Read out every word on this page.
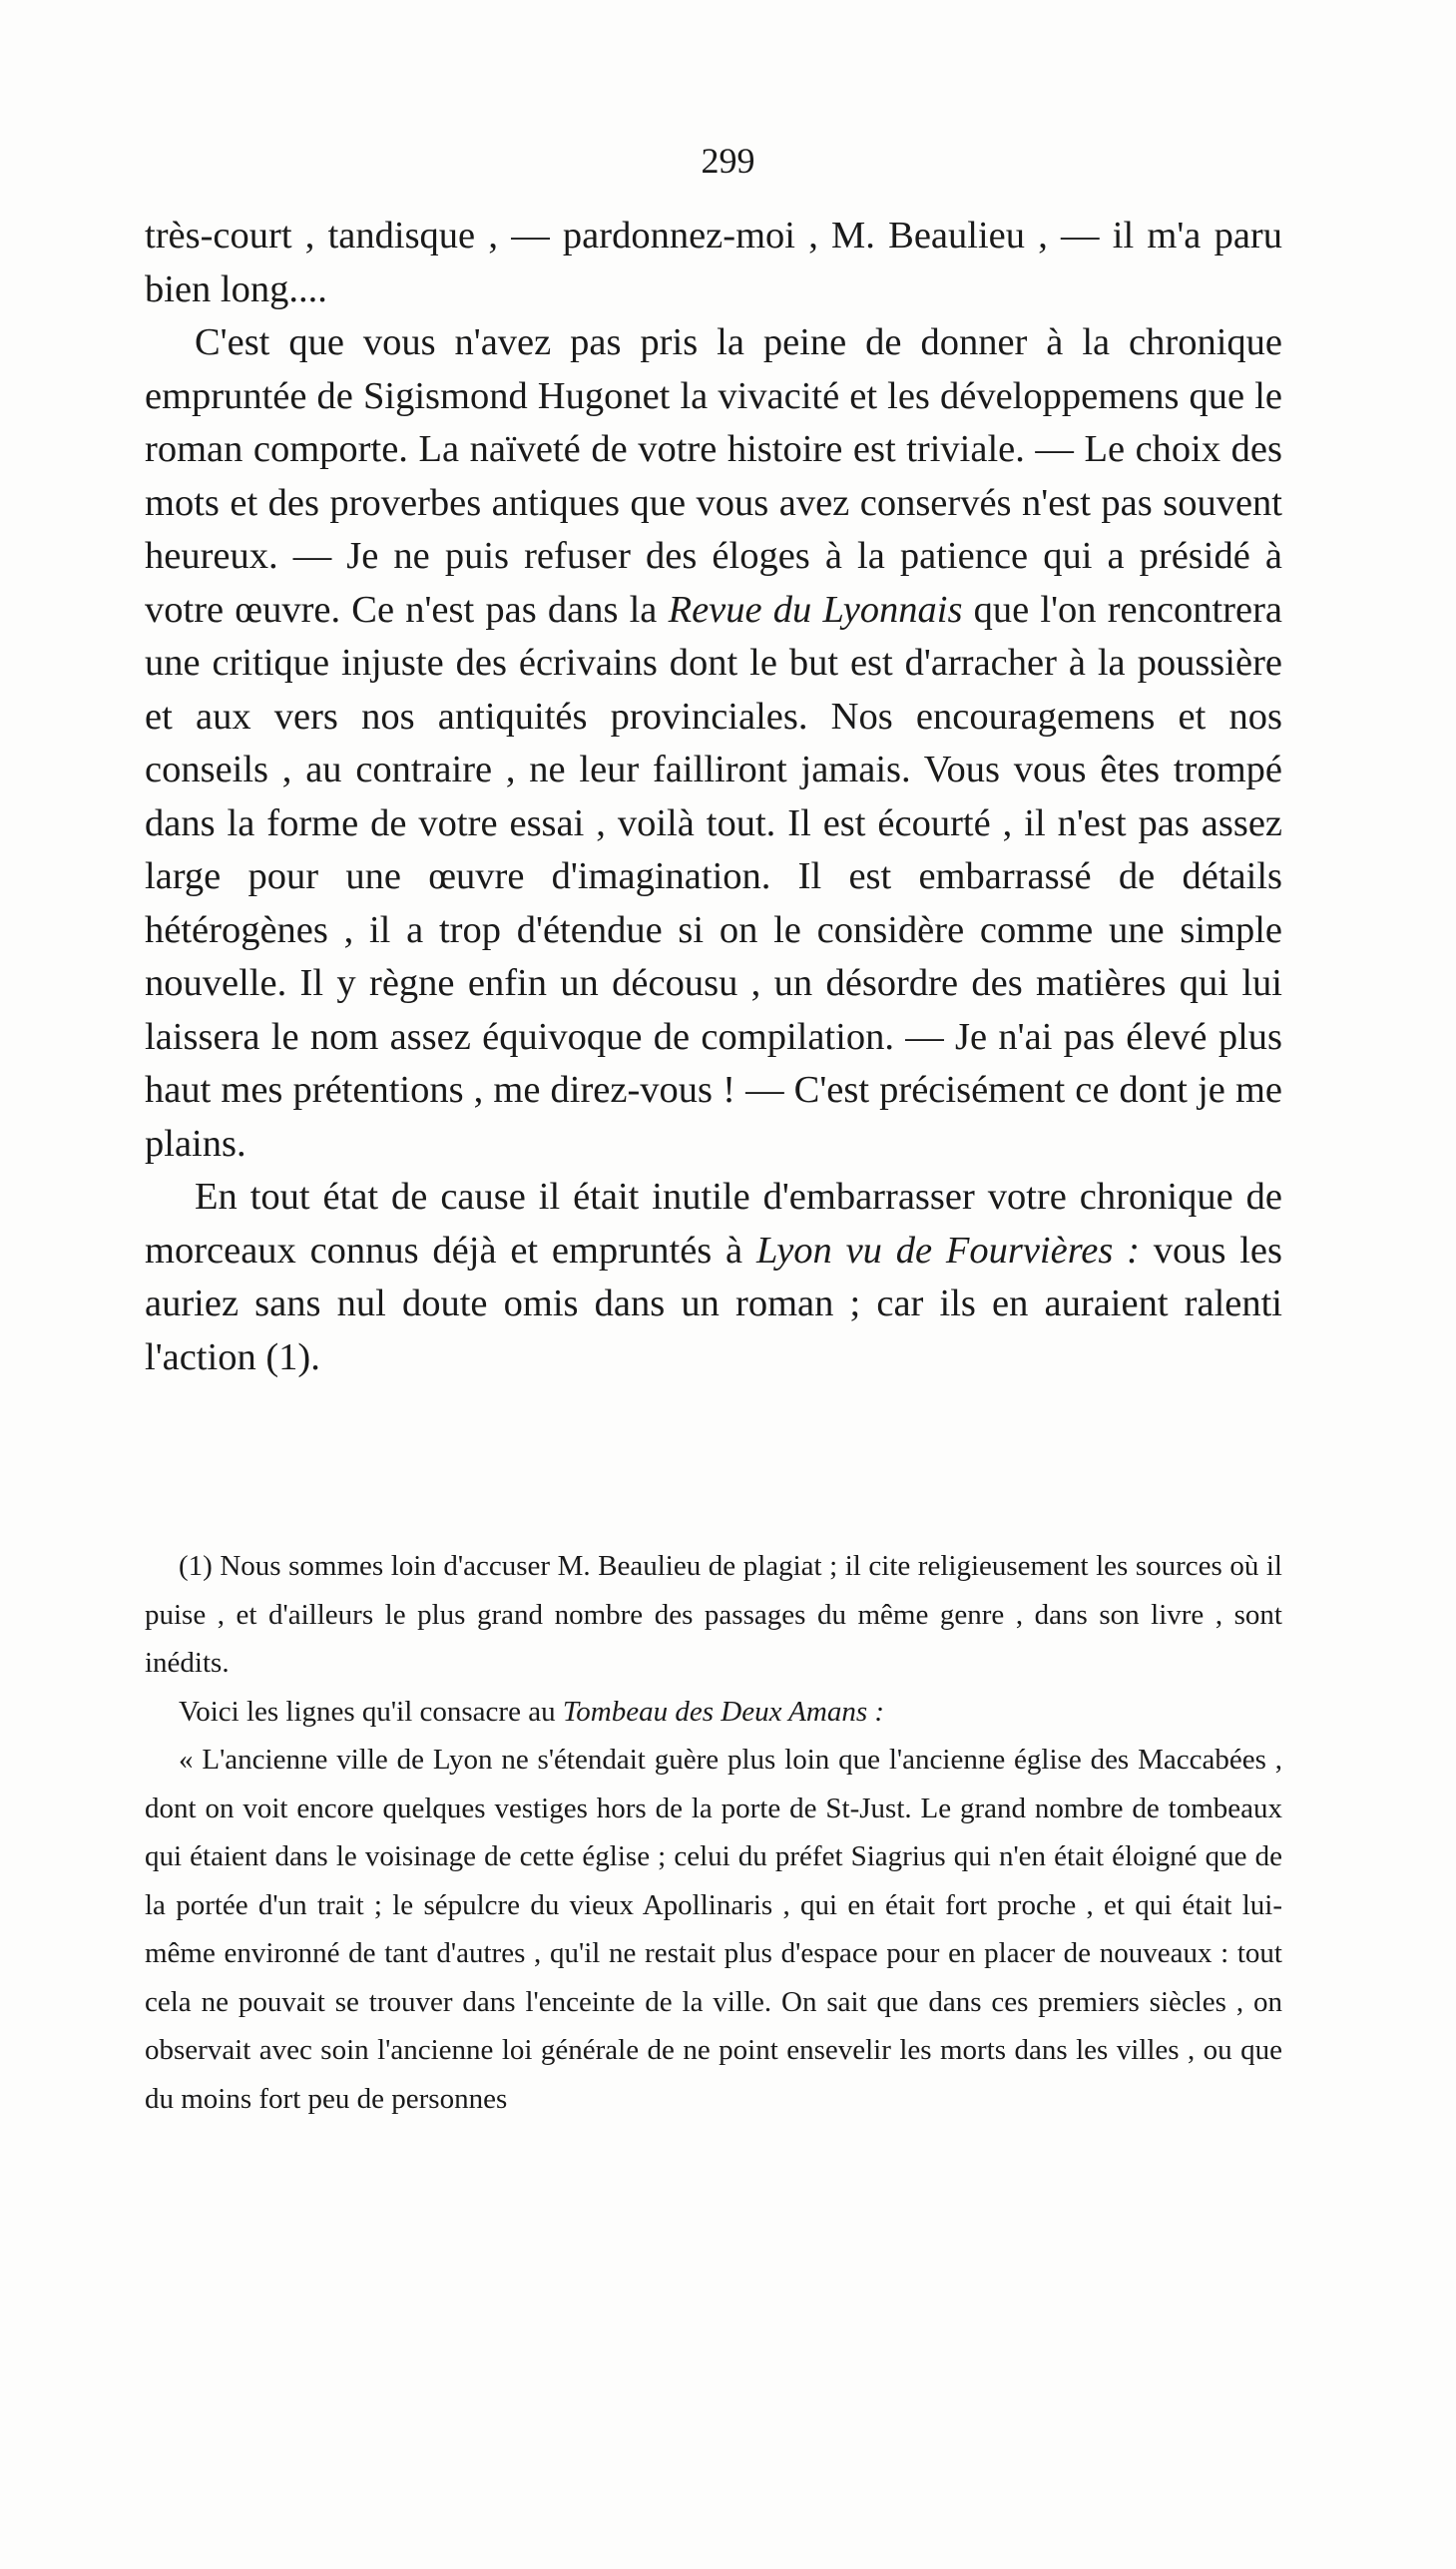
299

très-court , tandisque , — pardonnez-moi , M. Beaulieu , — il m'a paru bien long....

C'est que vous n'avez pas pris la peine de donner à la chronique empruntée de Sigismond Hugonet la vivacité et les développemens que le roman comporte. La naïveté de votre histoire est triviale. — Le choix des mots et des proverbes antiques que vous avez conservés n'est pas souvent heureux. — Je ne puis refuser des éloges à la patience qui a présidé à votre œuvre. Ce n'est pas dans la Revue du Lyonnais que l'on rencontrera une critique injuste des écrivains dont le but est d'arracher à la poussière et aux vers nos antiquités provinciales. Nos encouragemens et nos conseils , au contraire , ne leur failliront jamais. Vous vous êtes trompé dans la forme de votre essai , voilà tout. Il est écourté , il n'est pas assez large pour une œuvre d'imagination. Il est embarrassé de détails hétérogènes , il a trop d'étendue si on le considère comme une simple nouvelle. Il y règne enfin un décousu , un désordre des matières qui lui laissera le nom assez équivoque de compilation. — Je n'ai pas élevé plus haut mes prétentions , me direz-vous ! — C'est précisément ce dont je me plains.

En tout état de cause il était inutile d'embarrasser votre chronique de morceaux connus déjà et empruntés à Lyon vu de Fourvières : vous les auriez sans nul doute omis dans un roman ; car ils en auraient ralenti l'action (1).

(1) Nous sommes loin d'accuser M. Beaulieu de plagiat ; il cite religieusement les sources où il puise , et d'ailleurs le plus grand nombre des passages du même genre , dans son livre , sont inédits.

Voici les lignes qu'il consacre au Tombeau des Deux Amans :

« L'ancienne ville de Lyon ne s'étendait guère plus loin que l'ancienne église des Maccabées , dont on voit encore quelques vestiges hors de la porte de St-Just. Le grand nombre de tombeaux qui étaient dans le voisinage de cette église ; celui du préfet Siagrius qui n'en était éloigné que de la portée d'un trait ; le sépulcre du vieux Apollinaris , qui en était fort proche , et qui était lui-même environné de tant d'autres , qu'il ne restait plus d'espace pour en placer de nouveaux : tout cela ne pouvait se trouver dans l'enceinte de la ville. On sait que dans ces premiers siècles , on observait avec soin l'ancienne loi générale de ne point ensevelir les morts dans les villes , ou que du moins fort peu de personnes
